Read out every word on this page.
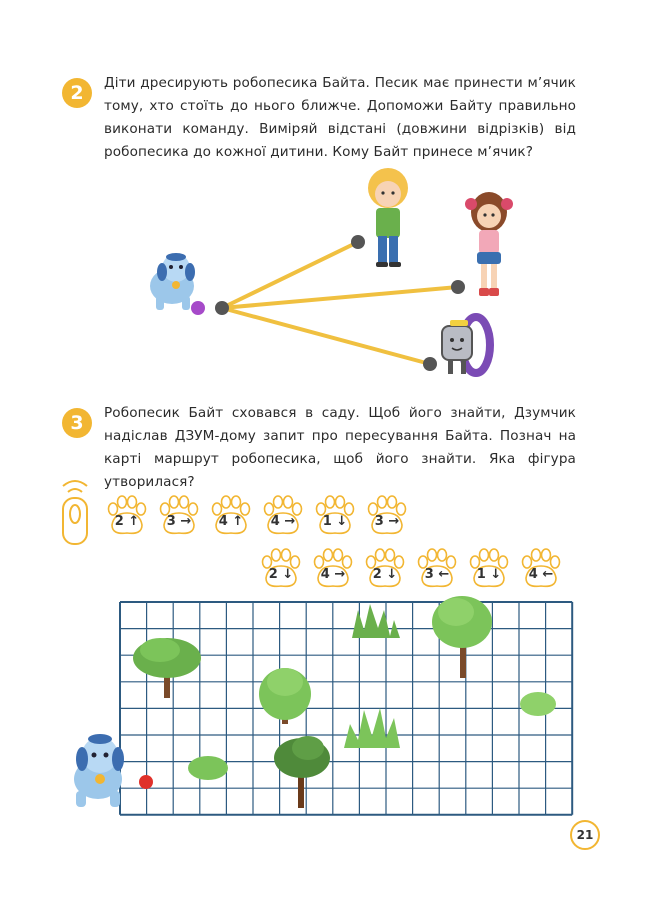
2	Діти дресирують робопесика Байта. Песик має принести м’ячик тому, хто стоїть до нього ближче. Допоможи Байту правильно виконати команду. Виміряй відстані (довжини відрізків) від робопесика до кожної дитини. Кому Байт принесе м’ячик?
3	Робопесик Байт сховався в саду. Щоб його знайти, Дзумчик надіслав ДЗУМ-дому запит про пересування Байта. Познач на карті маршрут робопесика, щоб його знайти. Яка фігура утворилася?
2 ↑	3 →	4 ↑	4 →	1 ↓	3 →
2 ↓	4 →	2 ↓	3 ←	1 ↓	4 ←
21
